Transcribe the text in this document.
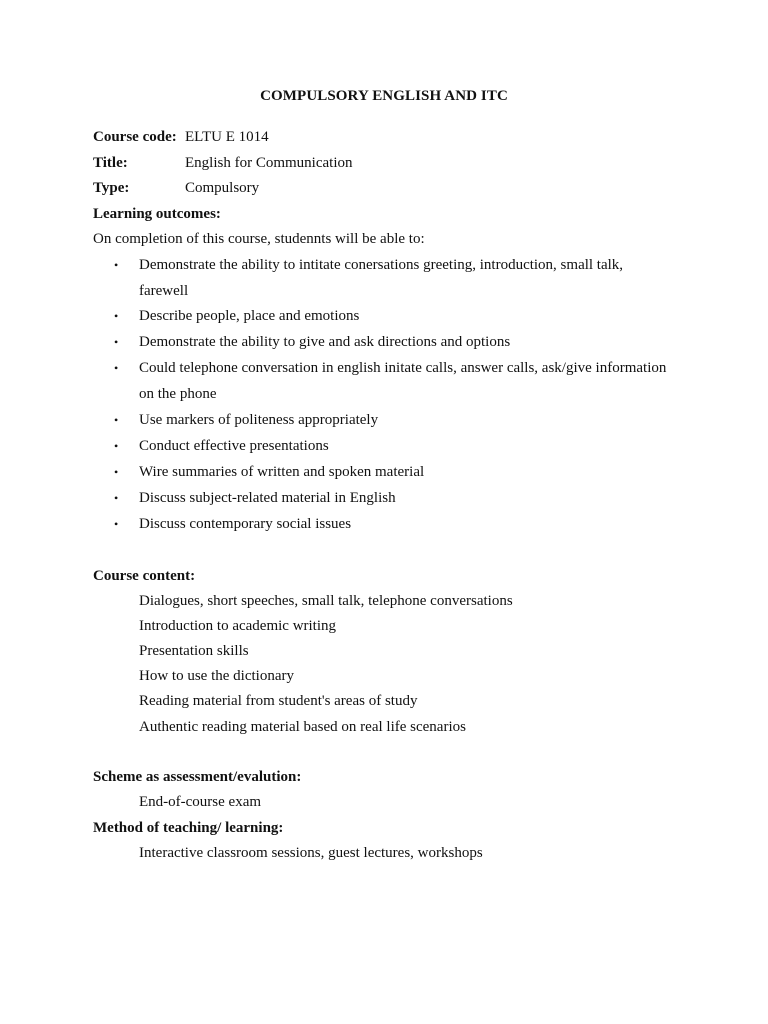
COMPULSORY ENGLISH AND ITC
Course code: ELTU E 1014
Title:	English for Communication
Type:	Compulsory
Learning outcomes:
On completion of this course, studennts will be able to:
• Demonstrate the ability to intitate conersations greeting, introduction, small talk, farewell
• Describe people, place and emotions
• Demonstrate the ability to give and ask directions and options
• Could telephone conversation in english initate calls, answer calls, ask/give information on the phone
• Use markers of politeness appropriately
• Conduct effective presentations
• Wire summaries of written and spoken material
• Discuss subject-related material in English
• Discuss contemporary social issues
Course content:
Dialogues, short speeches, small talk, telephone conversations
Introduction to academic writing
Presentation skills
How to use the dictionary
Reading material from student's areas of study
Authentic reading material based on real life scenarios
Scheme as assessment/evalution:
End-of-course exam
Method of teaching/ learning:
Interactive classroom sessions, guest lectures, workshops
